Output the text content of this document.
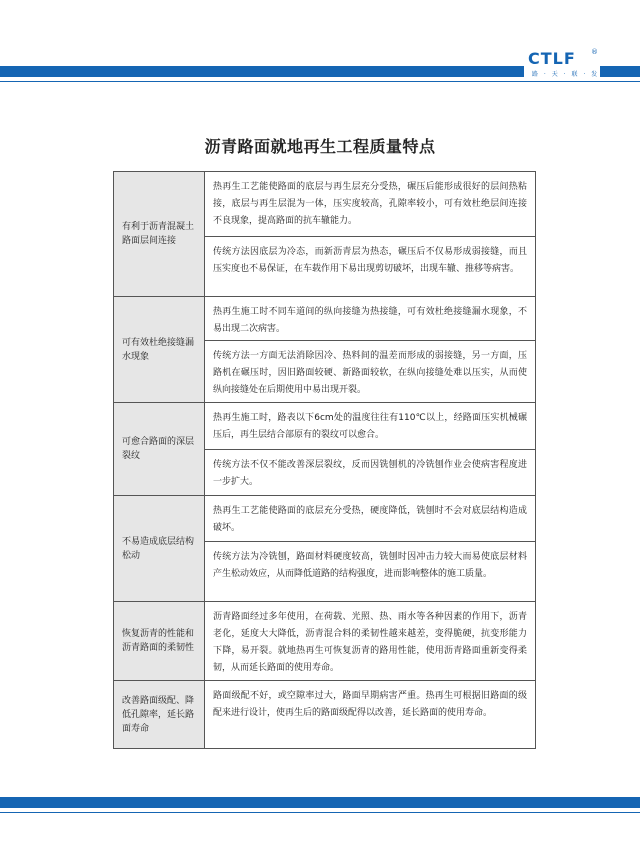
CTLF ®
路 · 天 · 联 · 发
沥青路面就地再生工程质量特点
有利于沥青混凝土路面层间连接
热再生工艺能使路面的底层与再生层充分受热，碾压后能形成很好的层间热粘接，底层与再生层混为一体，压实度较高，孔隙率较小，可有效杜绝层间连接不良现象，提高路面的抗车辙能力。
传统方法因底层为冷态，而新沥青层为热态，碾压后不仅易形成弱接缝，而且压实度也不易保证，在车载作用下易出现剪切破坏，出现车辙、推移等病害。
可有效杜绝接缝漏水现象
热再生施工时不同车道间的纵向接缝为热接缝，可有效杜绝接缝漏水现象，不易出现二次病害。
传统方法一方面无法消除因冷、热料间的温差而形成的弱接缝，另一方面，压路机在碾压时，因旧路面较硬、新路面较软，在纵向接缝处难以压实，从而使纵向接缝处在后期使用中易出现开裂。
可愈合路面的深层裂纹
热再生施工时，路表以下6cm处的温度往往有110℃以上，经路面压实机械碾压后，再生层结合部原有的裂纹可以愈合。
传统方法不仅不能改善深层裂纹，反而因铣刨机的冷铣刨作业会使病害程度进一步扩大。
不易造成底层结构松动
热再生工艺能使路面的底层充分受热，硬度降低，铣刨时不会对底层结构造成破坏。
传统方法为冷铣刨，路面材料硬度较高，铣刨时因冲击力较大而易使底层材料产生松动效应，从而降低道路的结构强度，进而影响整体的施工质量。
恢复沥青的性能和沥青路面的柔韧性
沥青路面经过多年使用，在荷载、光照、热、雨水等各种因素的作用下，沥青老化，延度大大降低，沥青混合料的柔韧性越来越差，变得脆硬，抗变形能力下降，易开裂。就地热再生可恢复沥青的路用性能，使用沥青路面重新变得柔韧，从而延长路面的使用寿命。
改善路面级配、降低孔隙率，延长路面寿命
路面级配不好，或空隙率过大，路面早期病害严重。热再生可根据旧路面的级配来进行设计，使再生后的路面级配得以改善，延长路面的使用寿命。
